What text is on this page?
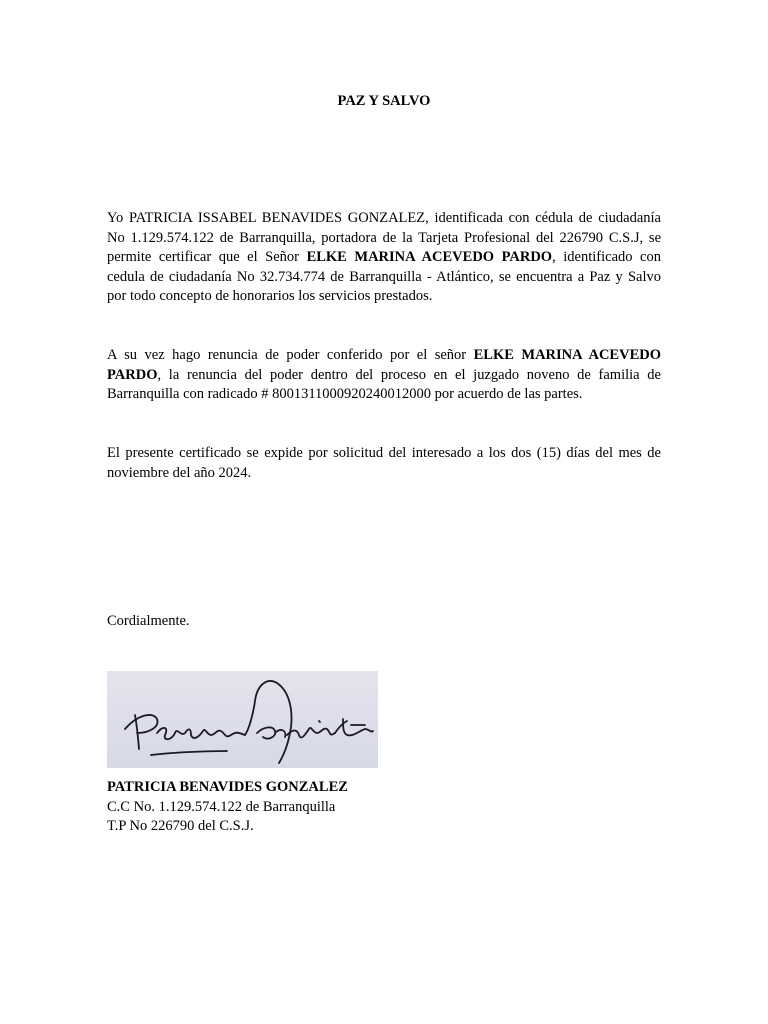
PAZ Y SALVO

Yo PATRICIA ISSABEL BENAVIDES GONZALEZ, identificada con cédula de ciudadanía No 1.129.574.122 de Barranquilla, portadora de la Tarjeta Profesional del 226790 C.S.J, se permite certificar que el Señor ELKE MARINA ACEVEDO PARDO, identificado con cedula de ciudadanía No 32.734.774 de Barranquilla - Atlántico, se encuentra a Paz y Salvo por todo concepto de honorarios los servicios prestados.

A su vez hago renuncia de poder conferido por el señor ELKE MARINA ACEVEDO PARDO, la renuncia del poder dentro del proceso en el juzgado noveno de familia de Barranquilla con radicado # 80013110009202400120​00 por acuerdo de las partes.

El presente certificado se expide por solicitud del interesado a los dos (15) días del mes de noviembre del año 2024.

Cordialmente.
PATRICIA BENAVIDES GONZALEZ
C.C No. 1.129.574.122 de Barranquilla
T.P No 226790 del C.S.J.
